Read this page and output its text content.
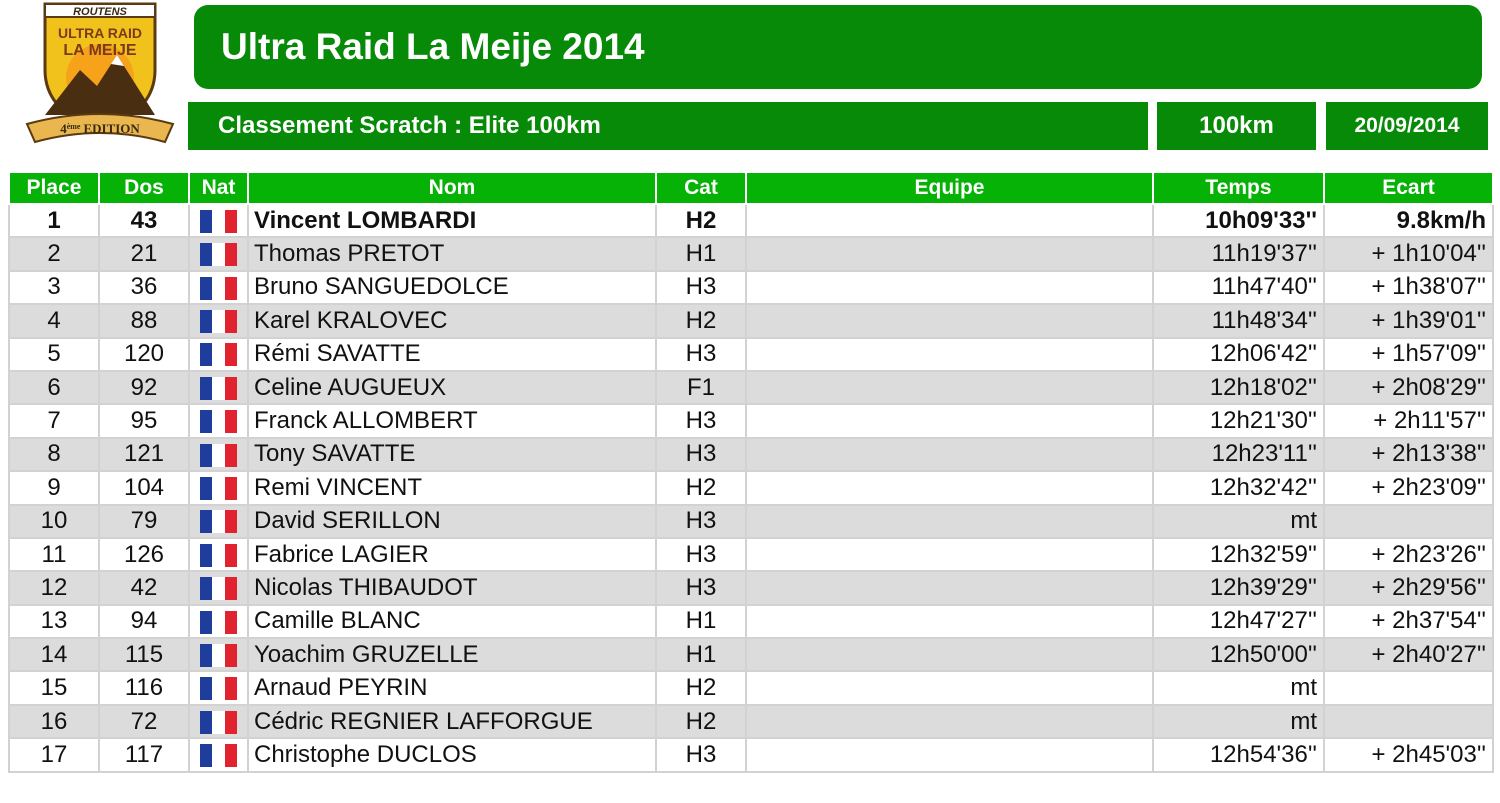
ROUTENS
ULTRA RAID
LA MEIJE
4ème EDITION
Ultra Raid La Meije 2014
Classement Scratch : Elite 100km	100km	20/09/2014
Place	Dos	Nat	Nom	Cat	Equipe	Temps	Ecart
1	43		Vincent LOMBARDI	H2		10h09'33''	9.8km/h
2	21		Thomas PRETOT	H1		11h19'37''	+ 1h10'04''
3	36		Bruno SANGUEDOLCE	H3		11h47'40''	+ 1h38'07''
4	88		Karel KRALOVEC	H2		11h48'34''	+ 1h39'01''
5	120		Rémi SAVATTE	H3		12h06'42''	+ 1h57'09''
6	92		Celine AUGUEUX	F1		12h18'02''	+ 2h08'29''
7	95		Franck ALLOMBERT	H3		12h21'30''	+ 2h11'57''
8	121		Tony SAVATTE	H3		12h23'11''	+ 2h13'38''
9	104		Remi VINCENT	H2		12h32'42''	+ 2h23'09''
10	79		David SERILLON	H3		mt	
11	126		Fabrice LAGIER	H3		12h32'59''	+ 2h23'26''
12	42		Nicolas THIBAUDOT	H3		12h39'29''	+ 2h29'56''
13	94		Camille BLANC	H1		12h47'27''	+ 2h37'54''
14	115		Yoachim GRUZELLE	H1		12h50'00''	+ 2h40'27''
15	116		Arnaud PEYRIN	H2		mt	
16	72		Cédric REGNIER LAFFORGUE	H2		mt	
17	117		Christophe DUCLOS	H3		12h54'36''	+ 2h45'03''
